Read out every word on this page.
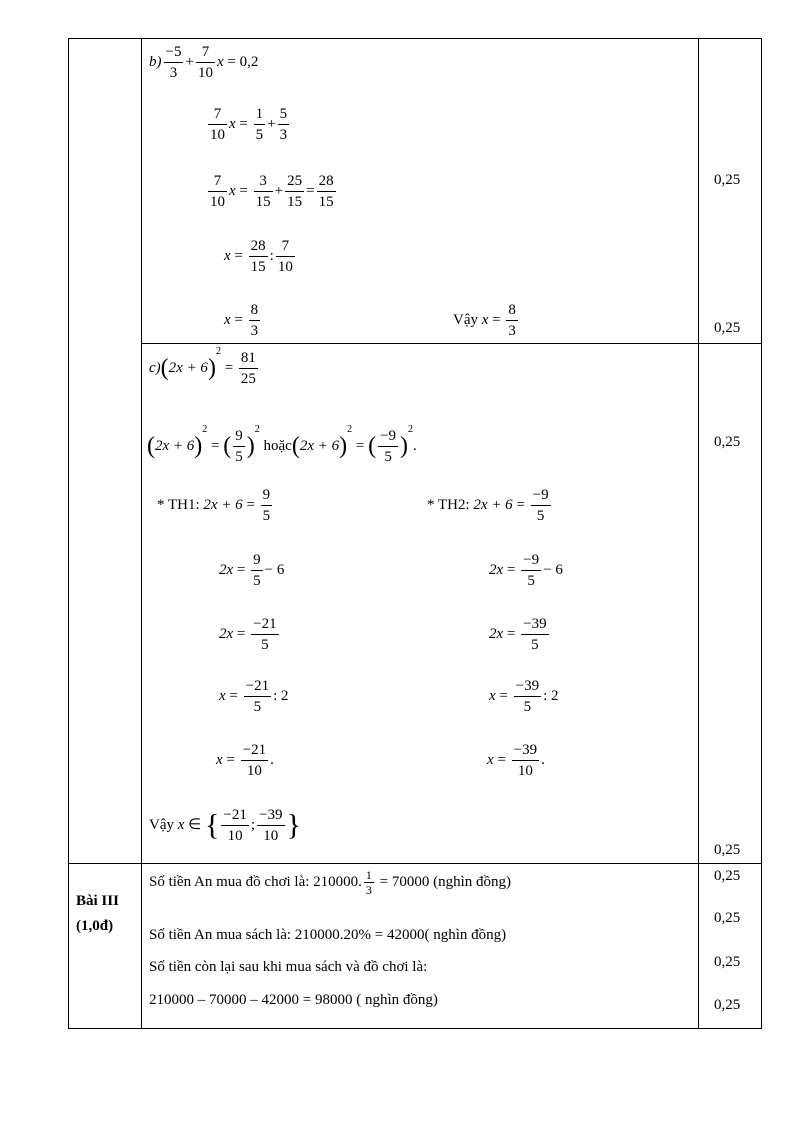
$b) \frac{-5}{3} + \frac{7}{10}$ x = 0,2
$\frac{7}{10}$ $x = \frac{1}{5} + \frac{5}{3}$
$\frac{7}{10}$ $x = \frac{3}{15} + \frac{25}{15} = \frac{28}{15}$
$x = \frac{28}{15}$ : $\frac{7}{10}$
$x = \frac{8}{3}$	Vậy $x = \frac{8}{3}$
$c)(2x + 6)^2 = \frac{81}{25}$
$(2x + 6)^2$ = ( $\frac{9}{5} )^2$ hoặc(2x + 6)$^2$ = ( $\frac{-9}{5} )^2$.
* TH1: $2x + 6 = \frac{9}{5}$
$2x = \frac{9}{5} - 6$
$2x = \frac{-21}{5}$
$x = \frac{-21}{5}$ : 2
$x = \frac{-21}{10}$ .
* TH2: $2x + 6 = \frac{-9}{5}$
$2x = \frac{-9}{5} - 6$
$2x = \frac{-39}{5}$
$x = \frac{-39}{5}$ : 2
$x = \frac{-39}{10}$ .
Vậy x ∈ { $\frac{-21}{10}$ ; $\frac{-39}{10}$ }
Bài III
(1,0đ)
Số tiền An mua đồ chơi là: 210000. $\frac{1}{3} = 70000$ (nghìn đồng)
Số tiền An mua sách là: 210000.20% = 42000( nghìn đồng)
Số tiền còn lại sau khi mua sách và đồ chơi là:
210000 – 70000 – 42000 = 98000 ( nghìn đồng)
0,25
0,25
0,25
0,25
0,25
0,25
0,25
0,25
